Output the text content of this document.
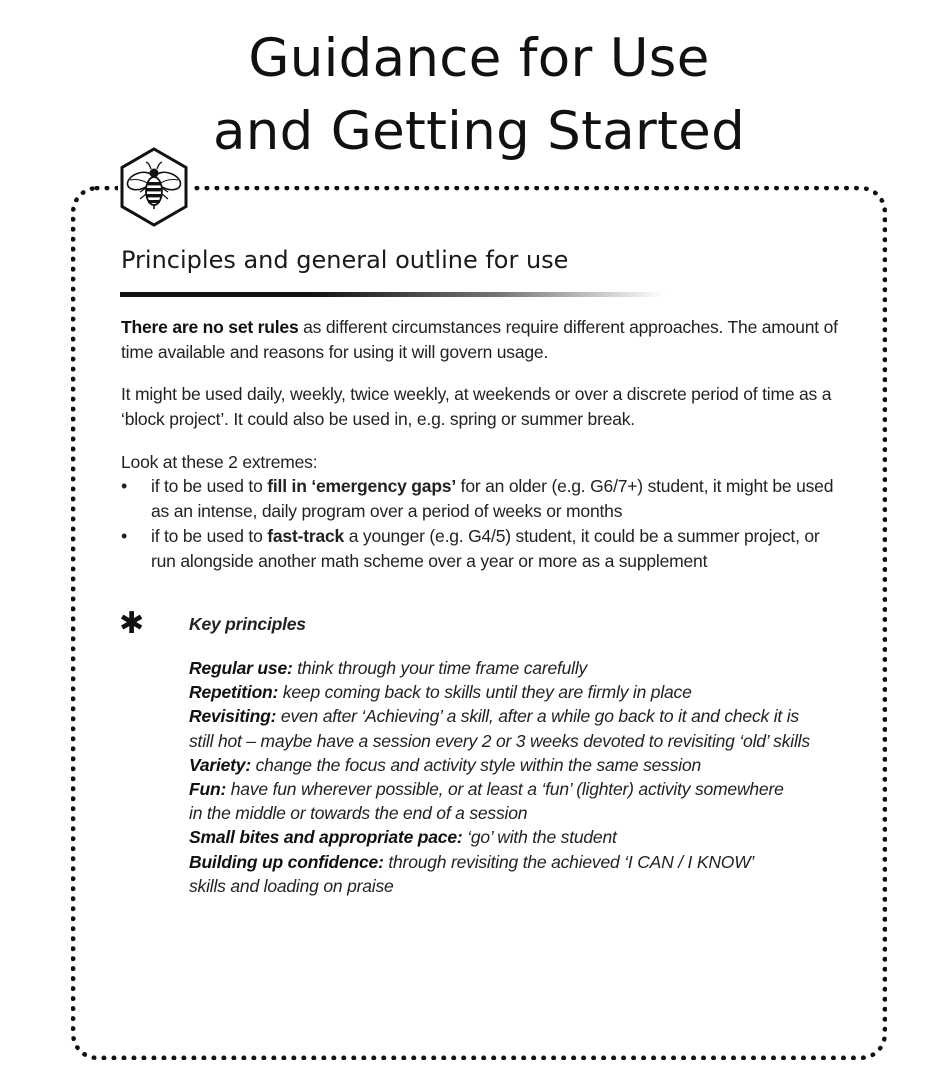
Guidance for Use
and Getting Started
Principles and general outline for use

There are no set rules as different circumstances require different approaches. The amount of
time available and reasons for using it will govern usage.

It might be used daily, weekly, twice weekly, at weekends or over a discrete period of time as a
‘block project’. It could also be used in, e.g. spring or summer break.

Look at these 2 extremes:

• if to be used to fill in ‘emergency gaps’ for an older (e.g. G6/7+) student, it might be used
as an intense, daily program over a period of weeks or months
• if to be used to fast-track a younger (e.g. G4/5) student, it could be a summer project, or
run alongside another math scheme over a year or more as a supplement
✱	Key principles
Regular use: think through your time frame carefully
Repetition: keep coming back to skills until they are firmly in place
Revisiting: even after ‘Achieving’ a skill, after a while go back to it and check it is
still hot – maybe have a session every 2 or 3 weeks devoted to revisiting ‘old’ skills
Variety: change the focus and activity style within the same session
Fun: have fun wherever possible, or at least a ‘fun’ (lighter) activity somewhere
in the middle or towards the end of a session
Small bites and appropriate pace: ‘go’ with the student
Building up confidence: through revisiting the achieved ‘I CAN / I KNOW’
skills and loading on praise
